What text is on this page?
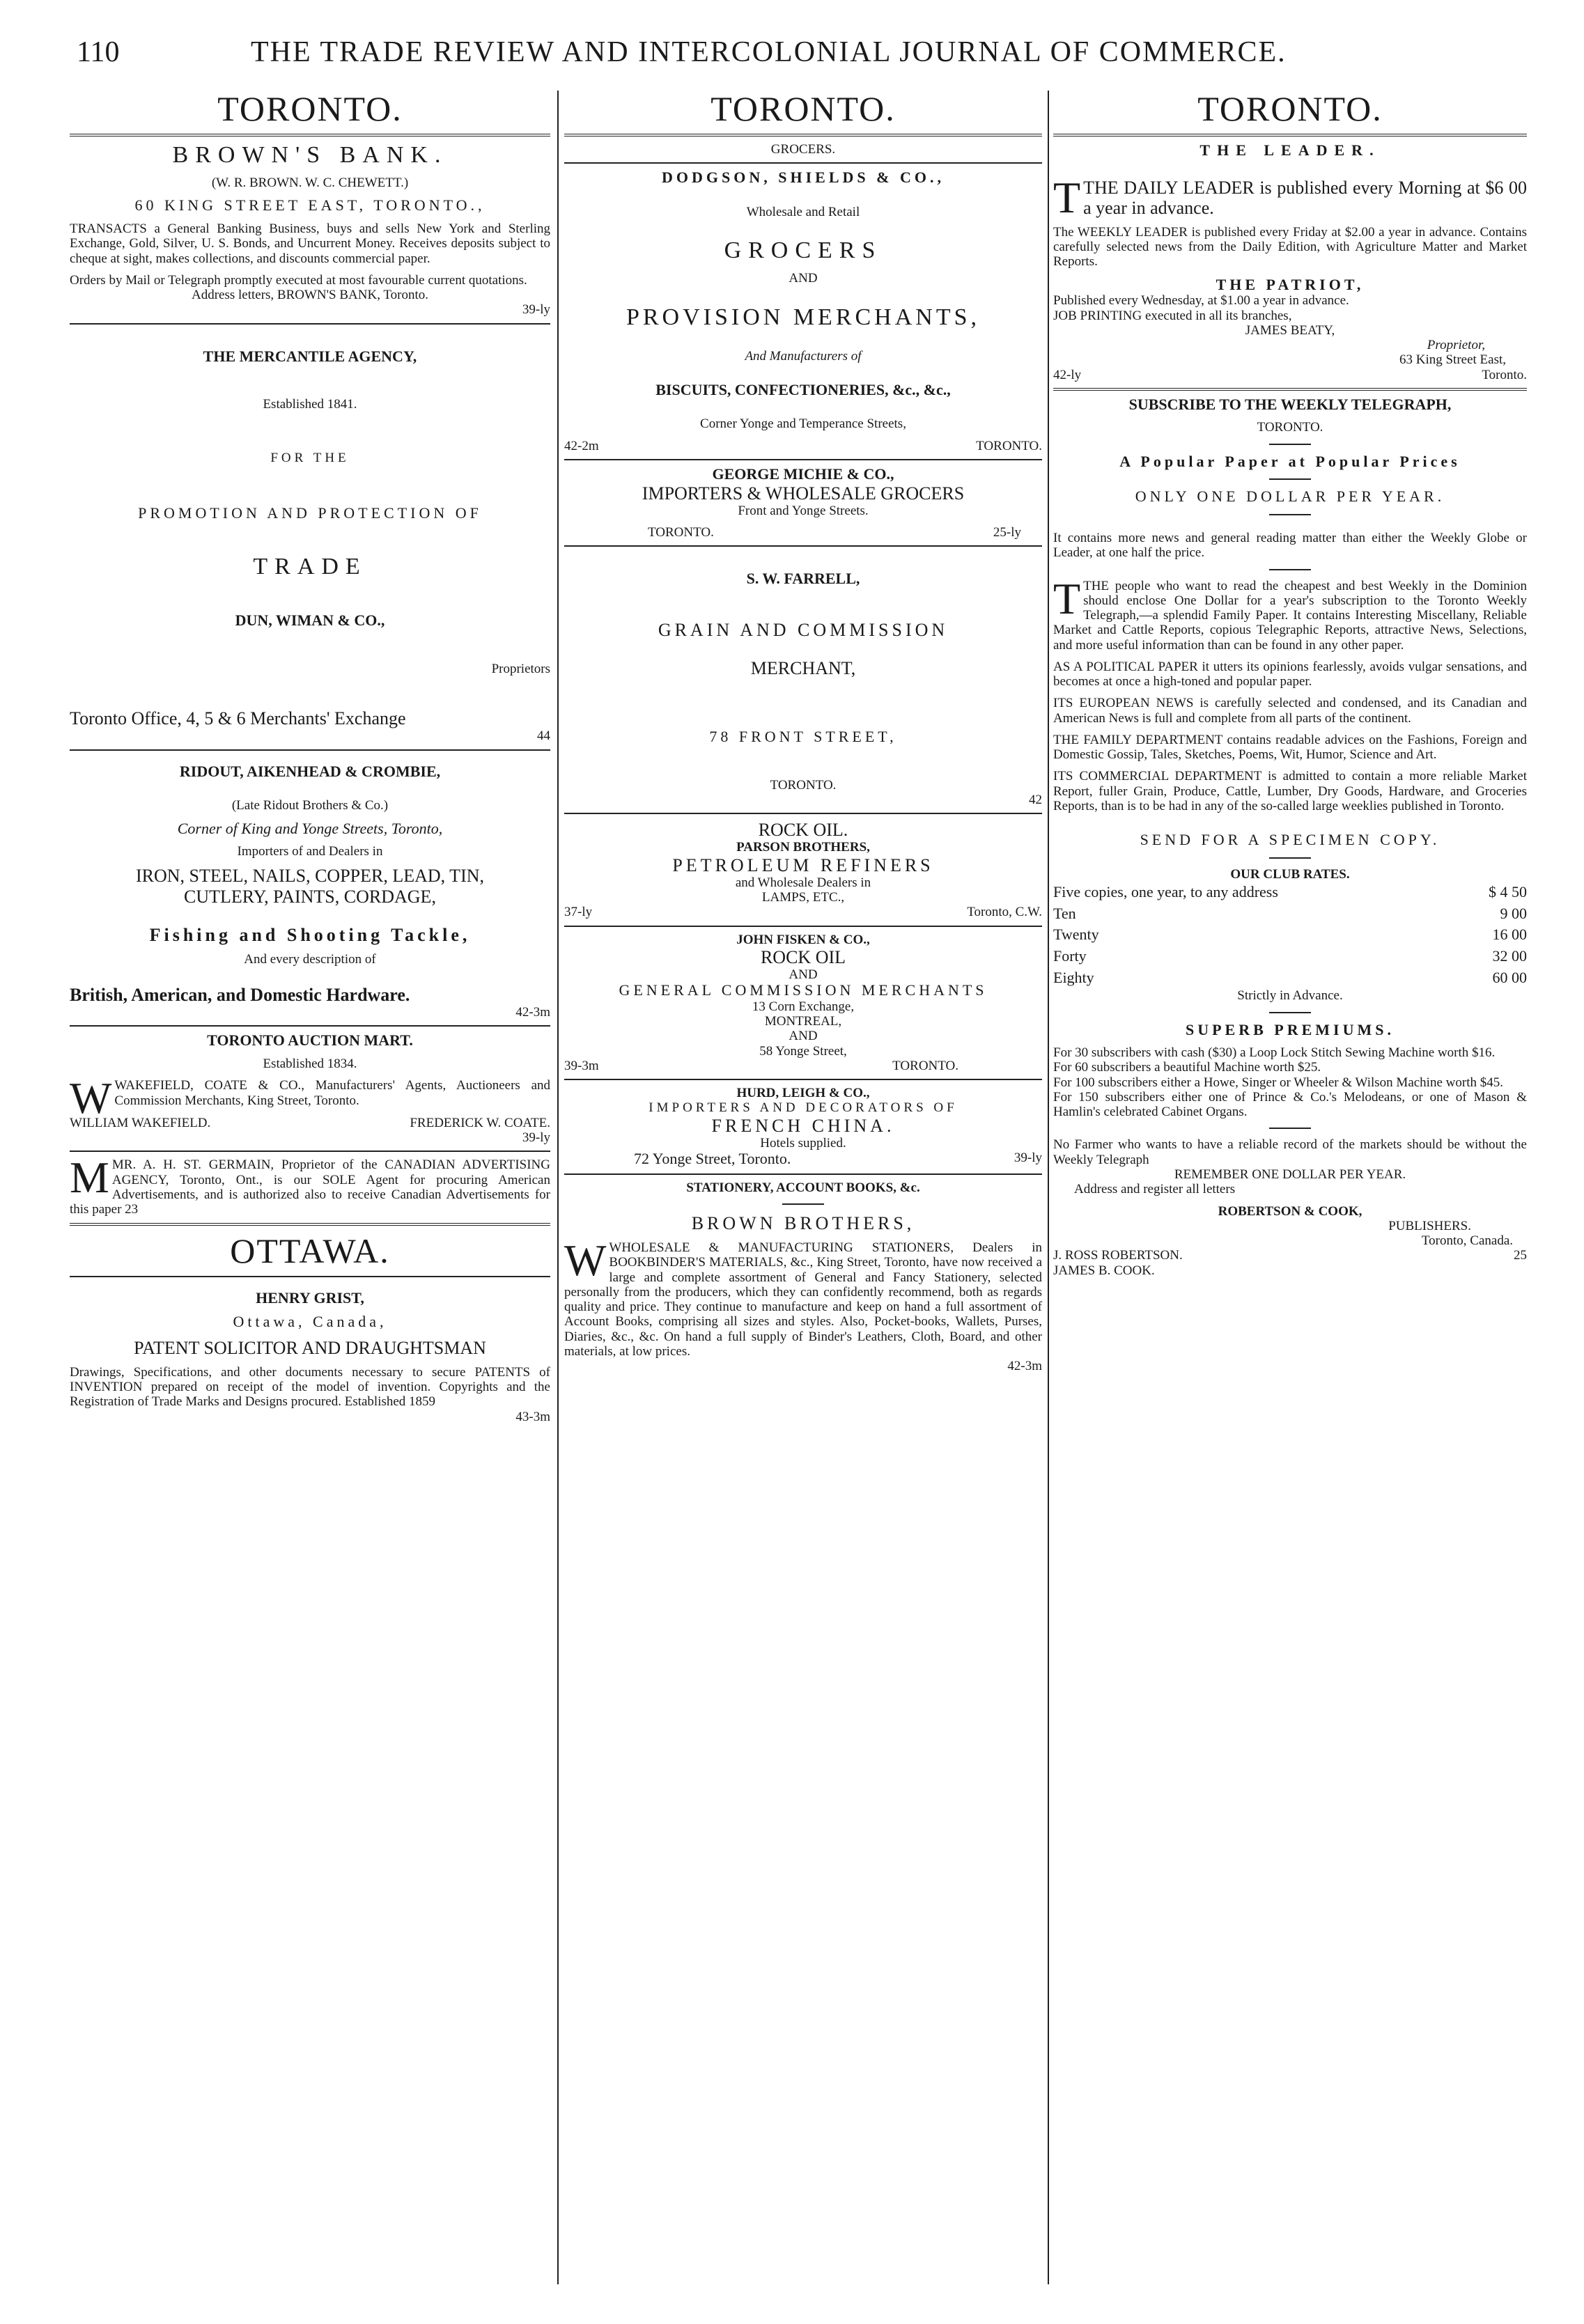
110	THE TRADE REVIEW AND INTERCOLONIAL JOURNAL OF COMMERCE.
TORONTO.
BROWN'S BANK.
(W. R. BROWN. W. C. CHEWETT.)
60 KING STREET EAST, TORONTO.,

TRANSACTS a General Banking Business, buys and sells New York and Sterling Exchange, Gold, Silver, U. S. Bonds, and Uncurrent Money. Receives deposits subject to cheque at sight, makes collections, and discounts commercial paper.

Orders by Mail or Telegraph promptly executed at most favourable current quotations.

Address letters, BROWN'S BANK, Toronto.

39-ly

THE MERCANTILE AGENCY,
Established 1841.
FOR THE
PROMOTION AND PROTECTION OF
TRADE
DUN, WIMAN & CO.,
Proprietors
Toronto Office, 4, 5 & 6 Merchants' Exchange
44
RIDOUT, AIKENHEAD & CROMBIE,
(Late Ridout Brothers & Co.)
Corner of King and Yonge Streets, Toronto,
Importers of and Dealers in
IRON, STEEL, NAILS, COPPER, LEAD, TIN,
CUTLERY, PAINTS, CORDAGE,
Fishing and Shooting Tackle,
And every description of
British, American, and Domestic Hardware.
42-3m
TORONTO AUCTION MART.
Established 1834.

WWAKEFIELD, COATE & CO., Manufacturers' Agents, Auctioneers and Commission Merchants, King Street, Toronto.

WILLIAM WAKEFIELD.	FREDERICK W. COATE.

39-ly

MMR. A. H. ST. GERMAIN, Proprietor of the CANADIAN ADVERTISING AGENCY, Toronto, Ont., is our SOLE Agent for procuring American Advertisements, and is authorized also to receive Canadian Advertisements for this paper 23

OTTAWA.
HENRY GRIST,
Ottawa, Canada,
PATENT SOLICITOR AND DRAUGHTSMAN

Drawings, Specifications, and other documents necessary to secure PATENTS of INVENTION prepared on receipt of the model of invention. Copyrights and the Registration of Trade Marks and Designs procured. Established 1859

43-3m

TORONTO.
GROCERS.
DODGSON, SHIELDS & CO.,
Wholesale and Retail
GROCERS
AND
PROVISION MERCHANTS,
And Manufacturers of
BISCUITS, CONFECTIONERIES, &c., &c.,
Corner Yonge and Temperance Streets,
42-2m	TORONTO.
GEORGE MICHIE & CO.,
IMPORTERS & WHOLESALE GROCERS
Front and Yonge Streets.
TORONTO.	25-ly
S. W. FARRELL,
GRAIN AND COMMISSION
MERCHANT,
78 FRONT STREET,
TORONTO.
42
ROCK OIL.
PARSON BROTHERS,
PETROLEUM REFINERS
and Wholesale Dealers in
LAMPS, ETC.,
37-ly	Toronto, C.W.
JOHN FISKEN & CO.,
ROCK OIL
AND
GENERAL COMMISSION MERCHANTS
13 Corn Exchange,
MONTREAL,
AND
58 Yonge Street,
39-3m	TORONTO.
HURD, LEIGH & CO.,
IMPORTERS AND DECORATORS OF
FRENCH CHINA.
Hotels supplied.
72 Yonge Street, Toronto.	39-ly
STATIONERY, ACCOUNT BOOKS, &c.
BROWN BROTHERS,

WWHOLESALE & MANUFACTURING STATIONERS, Dealers in BOOKBINDER'S MATERIALS, &c., King Street, Toronto, have now received a large and complete assortment of General and Fancy Stationery, selected personally from the producers, which they can confidently recommend, both as regards quality and price. They continue to manufacture and keep on hand a full assortment of Account Books, comprising all sizes and styles. Also, Pocket-books, Wallets, Purses, Diaries, &c., &c. On hand a full supply of Binder's Leathers, Cloth, Board, and other materials, at low prices.

42-3m

TORONTO.
THE LEADER.

TTHE DAILY LEADER is published every Morning at $6 00 a year in advance.

The WEEKLY LEADER is published every Friday at $2.00 a year in advance. Contains carefully selected news from the Daily Edition, with Agriculture Matter and Market Reports.

THE PATRIOT,

Published every Wednesday, at $1.00 a year in advance.

JOB PRINTING executed in all its branches,
JAMES BEATY,
Proprietor,
63 King Street East,
42-ly	Toronto.
SUBSCRIBE TO THE WEEKLY TELEGRAPH,
TORONTO.
A Popular Paper at Popular Prices
ONLY ONE DOLLAR PER YEAR.

It contains more news and general reading matter than either the Weekly Globe or Leader, at one half the price.

TTHE people who want to read the cheapest and best Weekly in the Dominion should enclose One Dollar for a year's subscription to the Toronto Weekly Telegraph,—a splendid Family Paper. It contains Interesting Miscellany, Reliable Market and Cattle Reports, copious Telegraphic Reports, attractive News, Selections, and more useful information than can be found in any other paper.

AS A POLITICAL PAPER it utters its opinions fearlessly, avoids vulgar sensations, and becomes at once a high-toned and popular paper.

ITS EUROPEAN NEWS is carefully selected and condensed, and its Canadian and American News is full and complete from all parts of the continent.

THE FAMILY DEPARTMENT contains readable advices on the Fashions, Foreign and Domestic Gossip, Tales, Sketches, Poems, Wit, Humor, Science and Art.

ITS COMMERCIAL DEPARTMENT is admitted to contain a more reliable Market Report, fuller Grain, Produce, Cattle, Lumber, Dry Goods, Hardware, and Groceries Reports, than is to be had in any of the so-called large weeklies published in Toronto.

SEND FOR A SPECIMEN COPY.
OUR CLUB RATES.
Five copies, one year, to any address	$ 4 50
Ten	9 00
Twenty	16 00
Forty	32 00
Eighty	60 00
Strictly in Advance.
SUPERB PREMIUMS.

For 30 subscribers with cash ($30) a Loop Lock Stitch Sewing Machine worth $16.

For 60 subscribers a beautiful Machine worth $25.

For 100 subscribers either a Howe, Singer or Wheeler & Wilson Machine worth $45.

For 150 subscribers either one of Prince & Co.'s Melodeans, or one of Mason & Hamlin's celebrated Cabinet Organs.

No Farmer who wants to have a reliable record of the markets should be without the Weekly Telegraph

REMEMBER ONE DOLLAR PER YEAR.
Address and register all letters
ROBERTSON & COOK,
PUBLISHERS.
Toronto, Canada.
J. ROSS ROBERTSON.
JAMES B. COOK.
25
